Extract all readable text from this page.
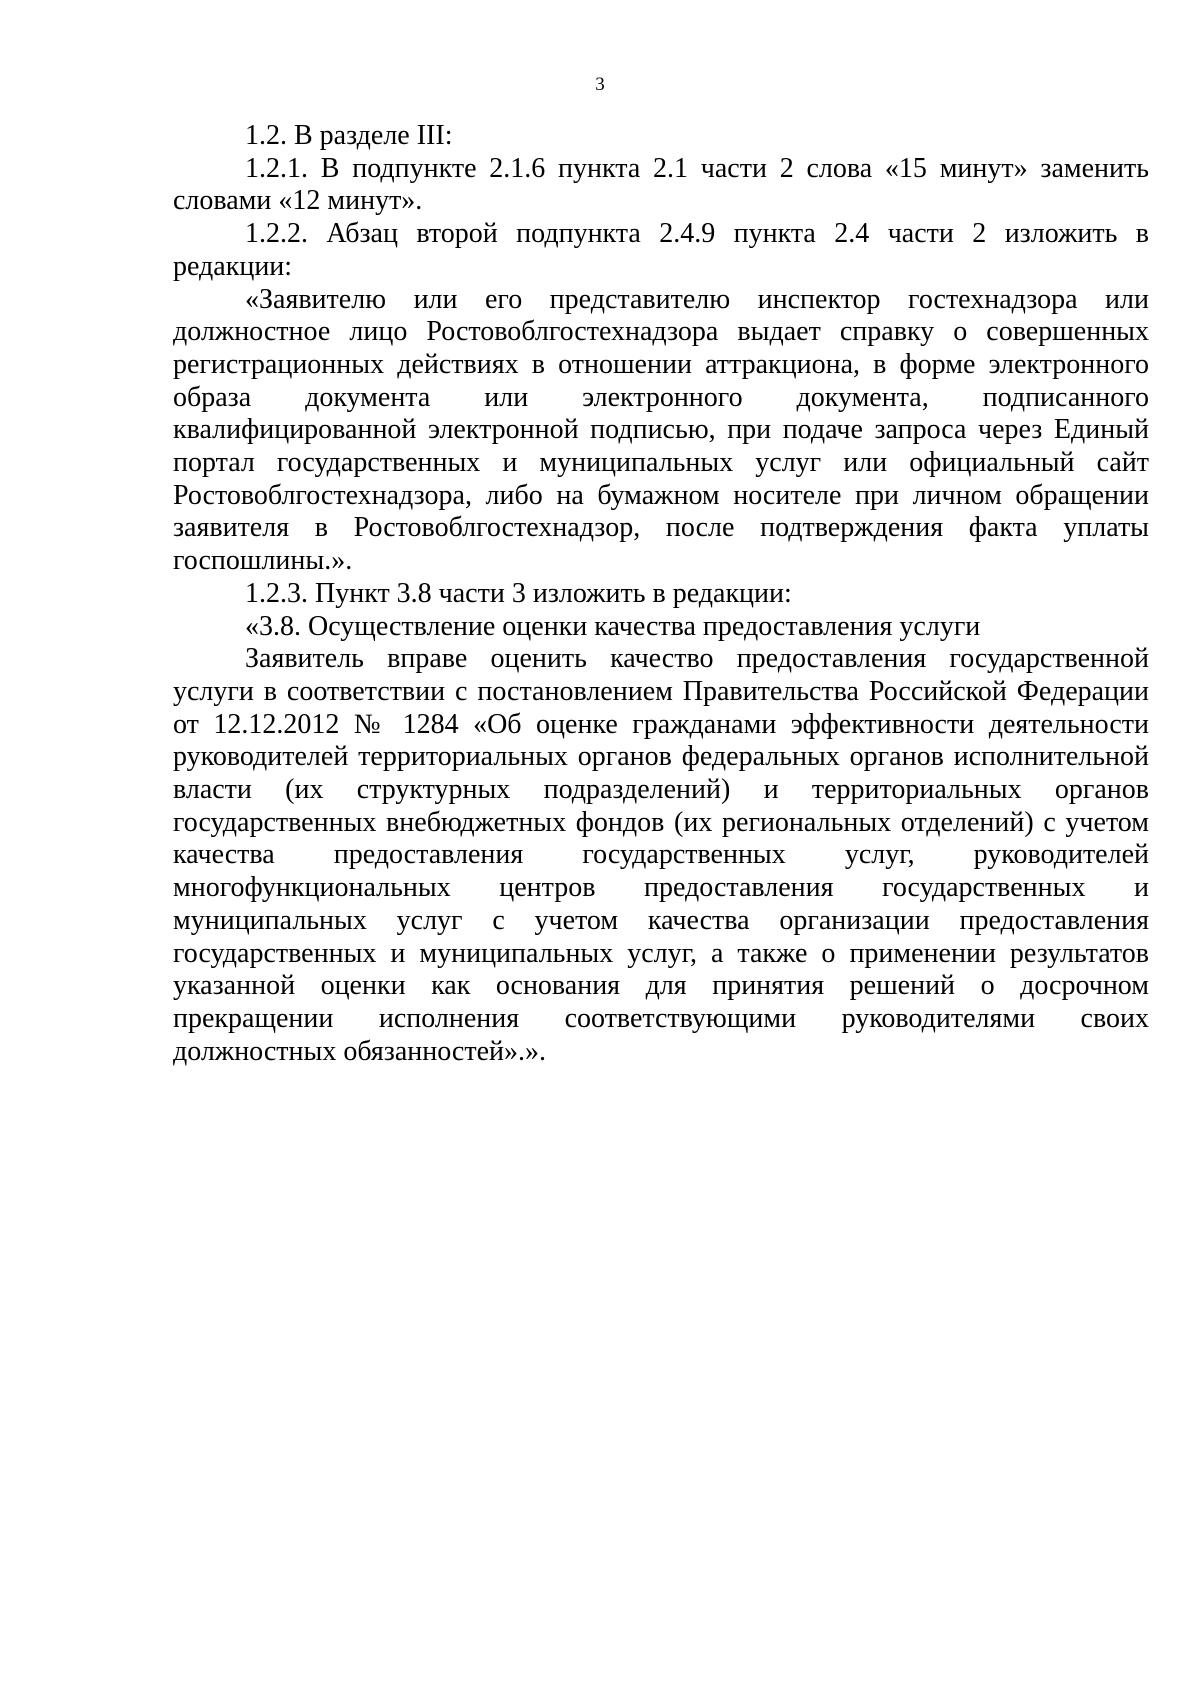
3

1.2. В разделе III:

1.2.1. В подпункте 2.1.6 пункта 2.1 части 2 слова «15 минут» заменить словами «12 минут».

1.2.2. Абзац второй подпункта 2.4.9 пункта 2.4 части 2 изложить в редакции:

«Заявителю или его представителю инспектор гостехнадзора или должностное лицо Ростовоблгостехнадзора выдает справку о совершенных регистрационных действиях в отношении аттракциона, в форме электронного образа документа или электронного документа, подписанного квалифицированной электронной подписью, при подаче запроса через Единый портал государственных и муниципальных услуг или официальный сайт Ростовоблгостехнадзора, либо на бумажном носителе при личном обращении заявителя в Ростовоблгостехнадзор, после подтверждения факта уплаты госпошлины.».

1.2.3. Пункт 3.8 части 3 изложить в редакции:

«3.8. Осуществление оценки качества предоставления услуги

Заявитель вправе оценить качество предоставления государственной услуги в соответствии с постановлением Правительства Российской Федерации от 12.12.2012 № 1284 «Об оценке гражданами эффективности деятельности руководителей территориальных органов федеральных органов исполнительной власти (их структурных подразделений) и территориальных органов государственных внебюджетных фондов (их региональных отделений) с учетом качества предоставления государственных услуг, руководителей многофункциональных центров предоставления государственных и муниципальных услуг с учетом качества организации предоставления государственных и муниципальных услуг, а также о применении результатов указанной оценки как основания для принятия решений о досрочном прекращении исполнения соответствующими руководителями своих должностных обязанностей».».
